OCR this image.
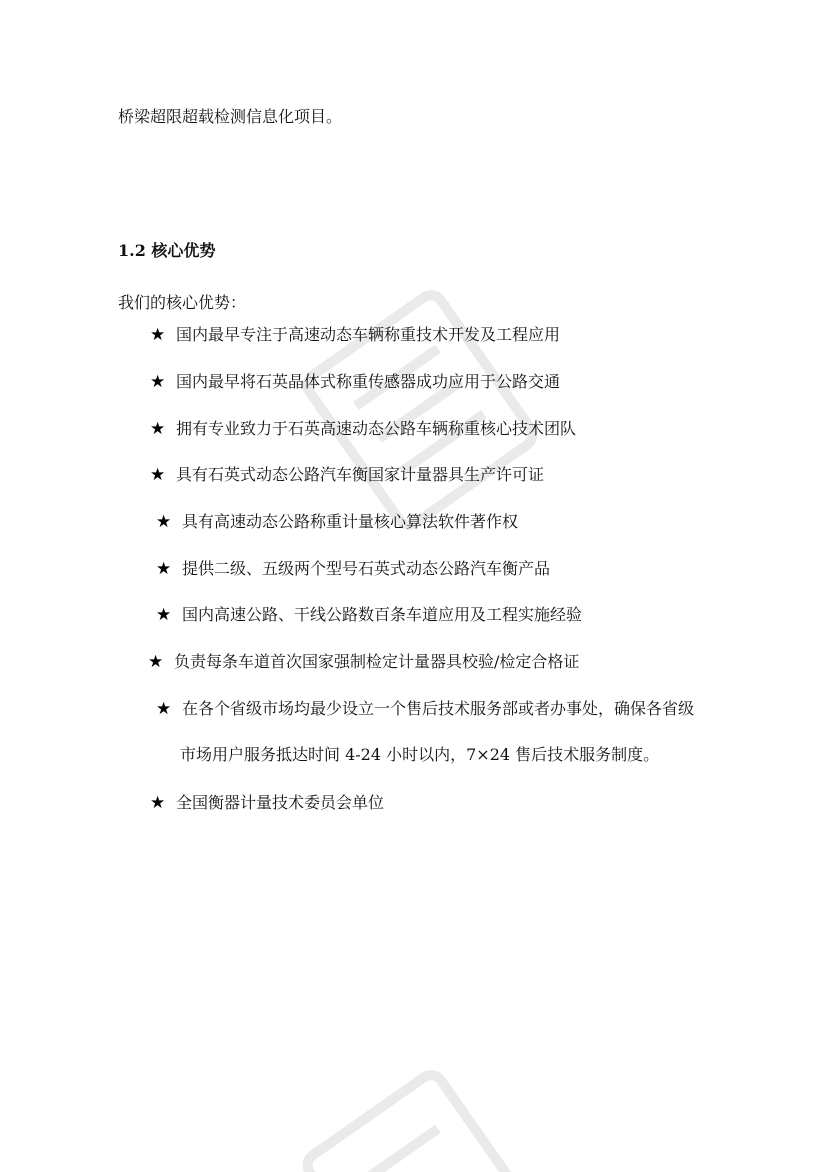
桥梁超限超载检测信息化项目。
1.2 核心优势
我们的核心优势：
★ 国内最早专注于高速动态车辆称重技术开发及工程应用
★ 国内最早将石英晶体式称重传感器成功应用于公路交通
★ 拥有专业致力于石英高速动态公路车辆称重核心技术团队
★ 具有石英式动态公路汽车衡国家计量器具生产许可证
★ 具有高速动态公路称重计量核心算法软件著作权
★ 提供二级、五级两个型号石英式动态公路汽车衡产品
★ 国内高速公路、干线公路数百条车道应用及工程实施经验
★ 负责每条车道首次国家强制检定计量器具校验/检定合格证
★ 在各个省级市场均最少设立一个售后技术服务部或者办事处，确保各省级
市场用户服务抵达时间 4-24 小时以内，7×24 售后技术服务制度。
★ 全国衡器计量技术委员会单位
